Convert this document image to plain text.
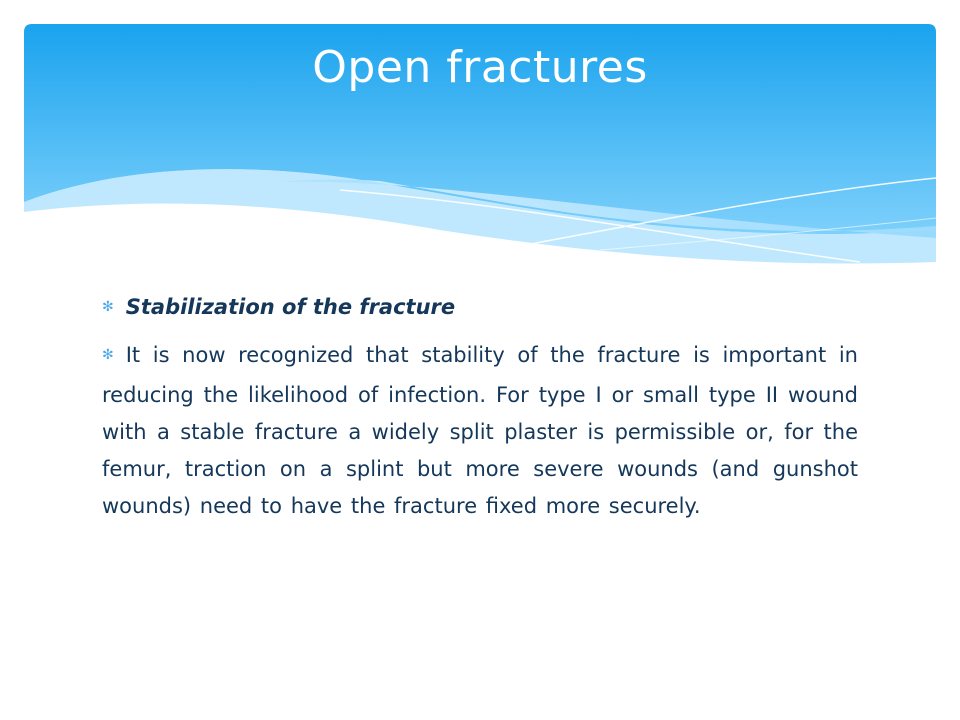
Open fractures

✻ Stabilization of the fracture

✻ It is now recognized that stability of the fracture is important in reducing the likelihood of infection. For type I or small type II wound with a stable fracture a widely split plaster is permissible or, for the femur, traction on a splint but more severe wounds (and gunshot wounds) need to have the fracture fixed more securely.
